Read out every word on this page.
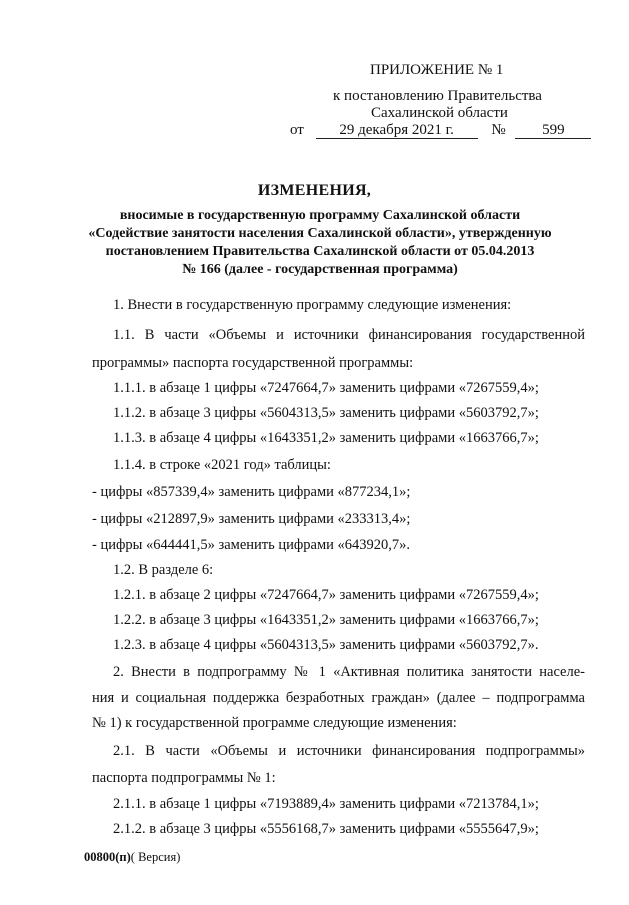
ПРИЛОЖЕНИЕ № 1
к постановлению Правительства
Сахалинской области
от 29 декабря 2021 г.	№ 599
ИЗМЕНЕНИЯ,
вносимые в государственную программу Сахалинской области
«Содействие занятости населения Сахалинской области», утвержденную
постановлением Правительства Сахалинской области от 05.04.2013
№ 166 (далее - государственная программа)
1. Внести в государственную программу следующие изменения:
1.1. В части «Объемы и источники финансирования государственной
программы» паспорта государственной программы:
1.1.1. в абзаце 1 цифры «7247664,7» заменить цифрами «7267559,4»;
1.1.2. в абзаце 3 цифры «5604313,5» заменить цифрами «5603792,7»;
1.1.3. в абзаце 4 цифры «1643351,2» заменить цифрами «1663766,7»;
1.1.4. в строке «2021 год» таблицы:
- цифры «857339,4» заменить цифрами «877234,1»;
- цифры «212897,9» заменить цифрами «233313,4»;
- цифры «644441,5» заменить цифрами «643920,7».
1.2. В разделе 6:
1.2.1. в абзаце 2 цифры «7247664,7» заменить цифрами «7267559,4»;
1.2.2. в абзаце 3 цифры «1643351,2» заменить цифрами «1663766,7»;
1.2.3. в абзаце 4 цифры «5604313,5» заменить цифрами «5603792,7».
2. Внести в подпрограмму № 1 «Активная политика занятости населе-
ния и социальная поддержка безработных граждан» (далее – подпрограмма
№ 1) к государственной программе следующие изменения:
2.1. В части «Объемы и источники финансирования подпрограммы»
паспорта подпрограммы № 1:
2.1.1. в абзаце 1 цифры «7193889,4» заменить цифрами «7213784,1»;
2.1.2. в абзаце 3 цифры «5556168,7» заменить цифрами «5555647,9»;
00800(п)( Версия)
